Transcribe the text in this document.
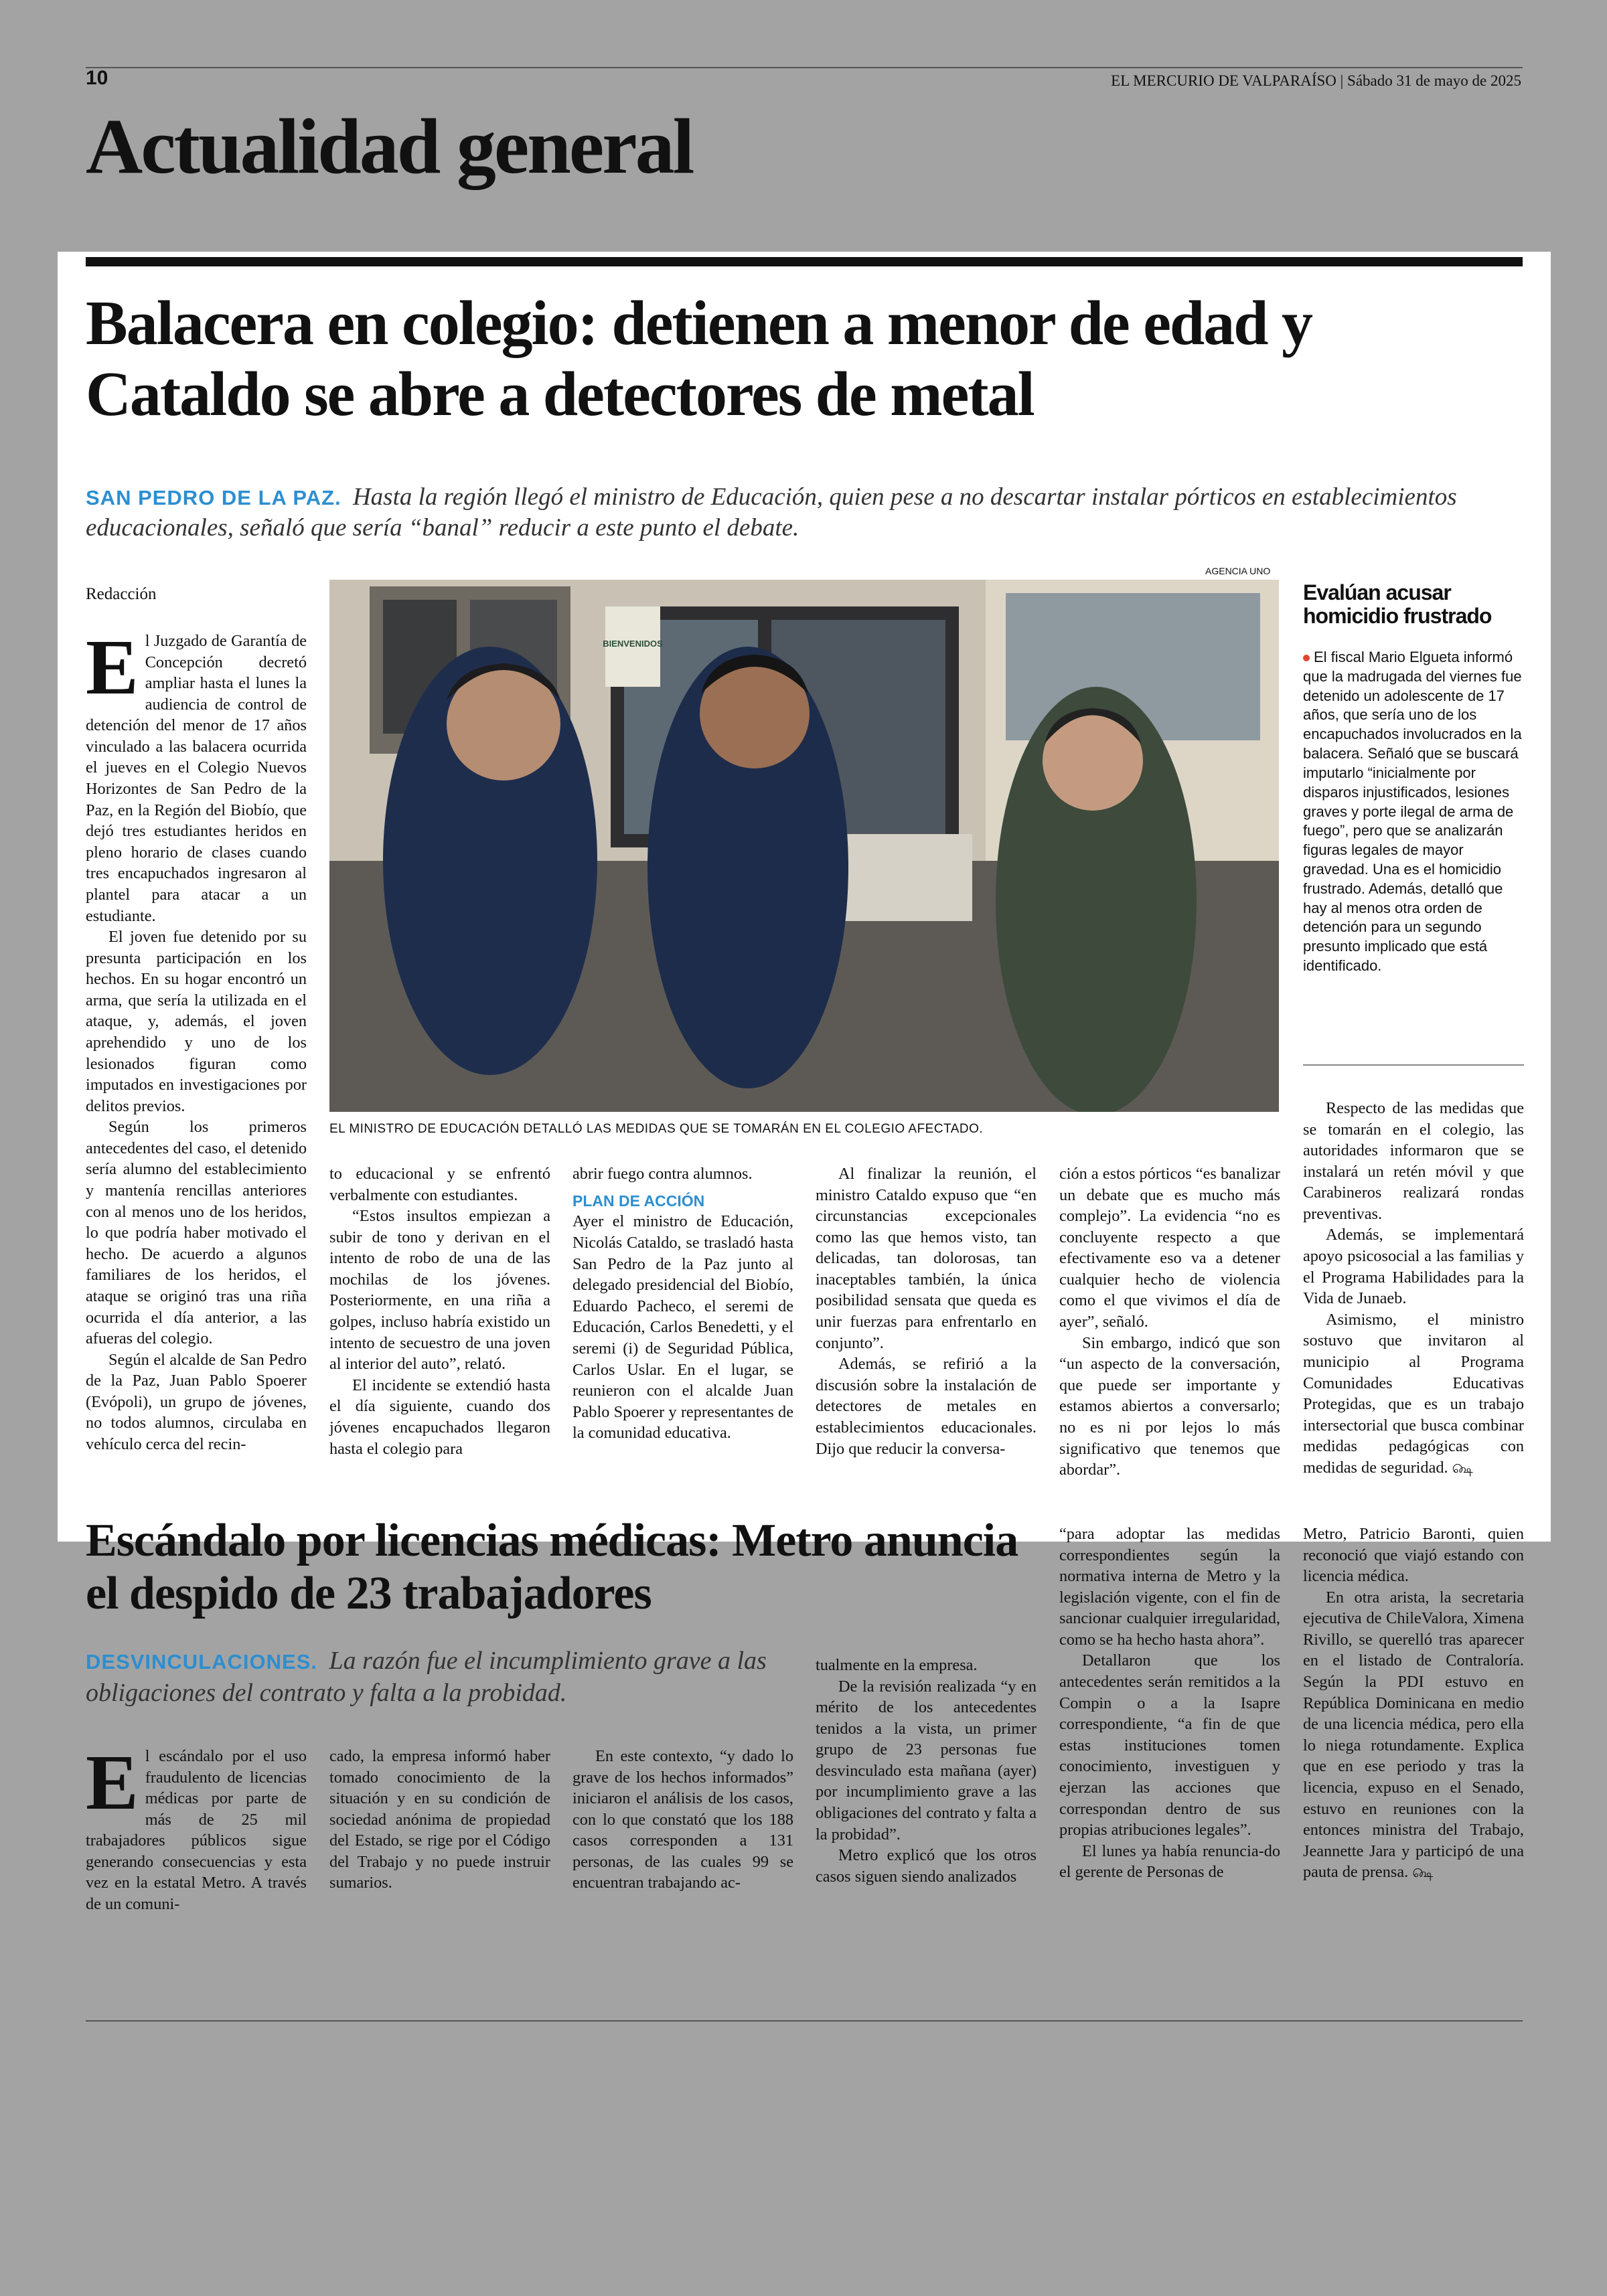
10	EL MERCURIO DE VALPARAÍSO | Sábado 31 de mayo de 2025
Actualidad general
Balacera en colegio: detienen a menor de edad y Cataldo se abre a detectores de metal
SAN PEDRO DE LA PAZ. Hasta la región llegó el ministro de Educación, quien pese a no descartar instalar pórticos en establecimientos educacionales, señaló que sería “banal” reducir a este punto el debate.
Redacción
AGENCIA UNO
BIENVENIDOS
EL MINISTRO DE EDUCACIÓN DETALLÓ LAS MEDIDAS QUE SE TOMARÁN EN EL COLEGIO AFECTADO.
Evalúan acusar homicidio frustrado
El fiscal Mario Elgueta informó que la madrugada del viernes fue detenido un adolescente de 17 años, que sería uno de los encapuchados involucrados en la balacera. Señaló que se buscará imputarlo “inicialmente por disparos injustificados, lesiones graves y porte ilegal de arma de fuego”, pero que se analizarán figuras legales de mayor gravedad. Una es el homicidio frustrado. Además, detalló que hay al menos otra orden de detención para un segundo presunto implicado que está identificado.

El Juzgado de Garantía de Concepción decretó ampliar hasta el lunes la audiencia de control de detención del menor de 17 años vinculado a las balacera ocurrida el jueves en el Colegio Nuevos Horizontes de San Pedro de la Paz, en la Región del Biobío, que dejó tres estudiantes heridos en pleno horario de clases cuando tres encapuchados ingresaron al plantel para atacar a un estudiante.

El joven fue detenido por su presunta participación en los hechos. En su hogar encontró un arma, que sería la utilizada en el ataque, y, además, el joven aprehendido y uno de los lesionados figuran como imputados en investigaciones por delitos previos.

Según los primeros antecedentes del caso, el detenido sería alumno del establecimiento y mantenía rencillas anteriores con al menos uno de los heridos, lo que podría haber motivado el hecho. De acuerdo a algunos familiares de los heridos, el ataque se originó tras una riña ocurrida el día anterior, a las afueras del colegio.

Según el alcalde de San Pedro de la Paz, Juan Pablo Spoerer (Evópoli), un grupo de jóvenes, no todos alumnos, circulaba en vehículo cerca del recin-

to educacional y se enfrentó verbalmente con estudiantes.

“Estos insultos empiezan a subir de tono y derivan en el intento de robo de una de las mochilas de los jóvenes. Posteriormente, en una riña a golpes, incluso habría existido un intento de secuestro de una joven al interior del auto”, relató.

El incidente se extendió hasta el día siguiente, cuando dos jóvenes encapuchados llegaron hasta el colegio para

abrir fuego contra alumnos.

PLAN DE ACCIÓN

Ayer el ministro de Educación, Nicolás Cataldo, se trasladó hasta San Pedro de la Paz junto al delegado presidencial del Biobío, Eduardo Pacheco, el seremi de Educación, Carlos Benedetti, y el seremi (i) de Seguridad Pública, Carlos Uslar. En el lugar, se reunieron con el alcalde Juan Pablo Spoerer y representantes de la comunidad educativa.

Al finalizar la reunión, el ministro Cataldo expuso que “en circunstancias excepcionales como las que hemos visto, tan delicadas, tan dolorosas, tan inaceptables también, la única posibilidad sensata que queda es unir fuerzas para enfrentarlo en conjunto”.

Además, se refirió a la discusión sobre la instalación de detectores de metales en establecimientos educacionales. Dijo que reducir la conversa-

ción a estos pórticos “es banalizar un debate que es mucho más complejo”. La evidencia “no es concluyente respecto a que efectivamente eso va a detener cualquier hecho de violencia como el que vivimos el día de ayer”, señaló.

Sin embargo, indicó que son “un aspecto de la conversación, que puede ser importante y estamos abiertos a conversarlo; no es ni por lejos lo más significativo que tenemos que abordar”.

Respecto de las medidas que se tomarán en el colegio, las autoridades informaron que se instalará un retén móvil y que Carabineros realizará rondas preventivas.

Además, se implementará apoyo psicosocial a las familias y el Programa Habilidades para la Vida de Junaeb.

Asimismo, el ministro sostuvo que invitaron al municipio al Programa Comunidades Educativas Protegidas, que es un trabajo intersectorial que busca combinar medidas pedagógicas con medidas de seguridad. ௸

Escándalo por licencias médicas: Metro anuncia el despido de 23 trabajadores
DESVINCULACIONES. La razón fue el incumplimiento grave a las obligaciones del contrato y falta a la probidad.

El escándalo por el uso fraudulento de licencias médicas por parte de más de 25 mil trabajadores públicos sigue generando consecuencias y esta vez en la estatal Metro. A través de un comuni-

cado, la empresa informó haber tomado conocimiento de la situación y en su condición de sociedad anónima de propiedad del Estado, se rige por el Código del Trabajo y no puede instruir sumarios.

En este contexto, “y dado lo grave de los hechos informados” iniciaron el análisis de los casos, con lo que constató que los 188 casos corresponden a 131 personas, de las cuales 99 se encuentran trabajando ac-

tualmente en la empresa.

De la revisión realizada “y en mérito de los antecedentes tenidos a la vista, un primer grupo de 23 personas fue desvinculado esta mañana (ayer) por incumplimiento grave a las obligaciones del contrato y falta a la probidad”.

Metro explicó que los otros casos siguen siendo analizados

“para adoptar las medidas correspondientes según la normativa interna de Metro y la legislación vigente, con el fin de sancionar cualquier irregularidad, como se ha hecho hasta ahora”.

Detallaron que los antecedentes serán remitidos a la Compin o a la Isapre correspondiente, “a fin de que estas instituciones tomen conocimiento, investiguen y ejerzan las acciones que correspondan dentro de sus propias atribuciones legales”.

El lunes ya había renuncia-do el gerente de Personas de

Metro, Patricio Baronti, quien reconoció que viajó estando con licencia médica.

En otra arista, la secretaria ejecutiva de ChileValora, Ximena Rivillo, se querelló tras aparecer en el listado de Contraloría. Según la PDI estuvo en República Dominicana en medio de una licencia médica, pero ella lo niega rotundamente. Explica que en ese periodo y tras la licencia, expuso en el Senado, estuvo en reuniones con la entonces ministra del Trabajo, Jeannette Jara y participó de una pauta de prensa. ௸
